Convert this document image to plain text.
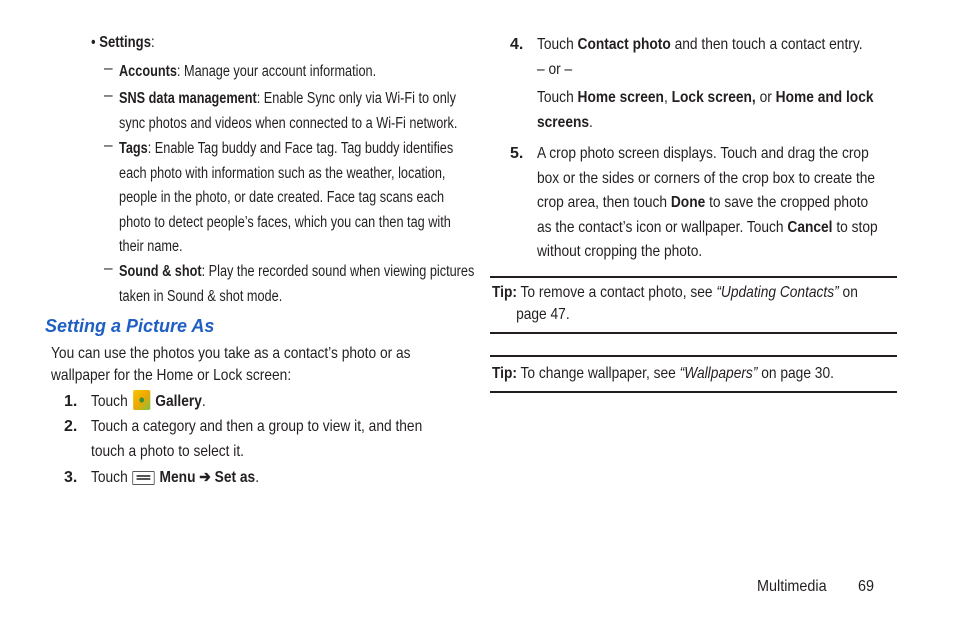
• Settings:
– Accounts: Manage your account information.
– SNS data management: Enable Sync only via Wi-Fi to only
sync photos and videos when connected to a Wi-Fi network.
– Tags: Enable Tag buddy and Face tag. Tag buddy identifies
each photo with information such as the weather, location,
people in the photo, or date created. Face tag scans each
photo to detect people’s faces, which you can then tag with
their name.
– Sound & shot: Play the recorded sound when viewing pictures
taken in Sound & shot mode.
Setting a Picture As
You can use the photos you take as a contact’s photo or as
wallpaper for the Home or Lock screen:
1. Touch Gallery.
2. Touch a category and then a group to view it, and then
touch a photo to select it.
3. Touch Menu ➔ Set as.
4. Touch Contact photo and then touch a contact entry.
– or –
Touch Home screen, Lock screen, or Home and lock
screens.
5. A crop photo screen displays. Touch and drag the crop
box or the sides or corners of the crop box to create the
crop area, then touch Done to save the cropped photo
as the contact’s icon or wallpaper. Touch Cancel to stop
without cropping the photo.
Tip: To remove a contact photo, see “Updating Contacts” on
page 47.
Tip: To change wallpaper, see “Wallpapers” on page 30.
Multimedia	69
